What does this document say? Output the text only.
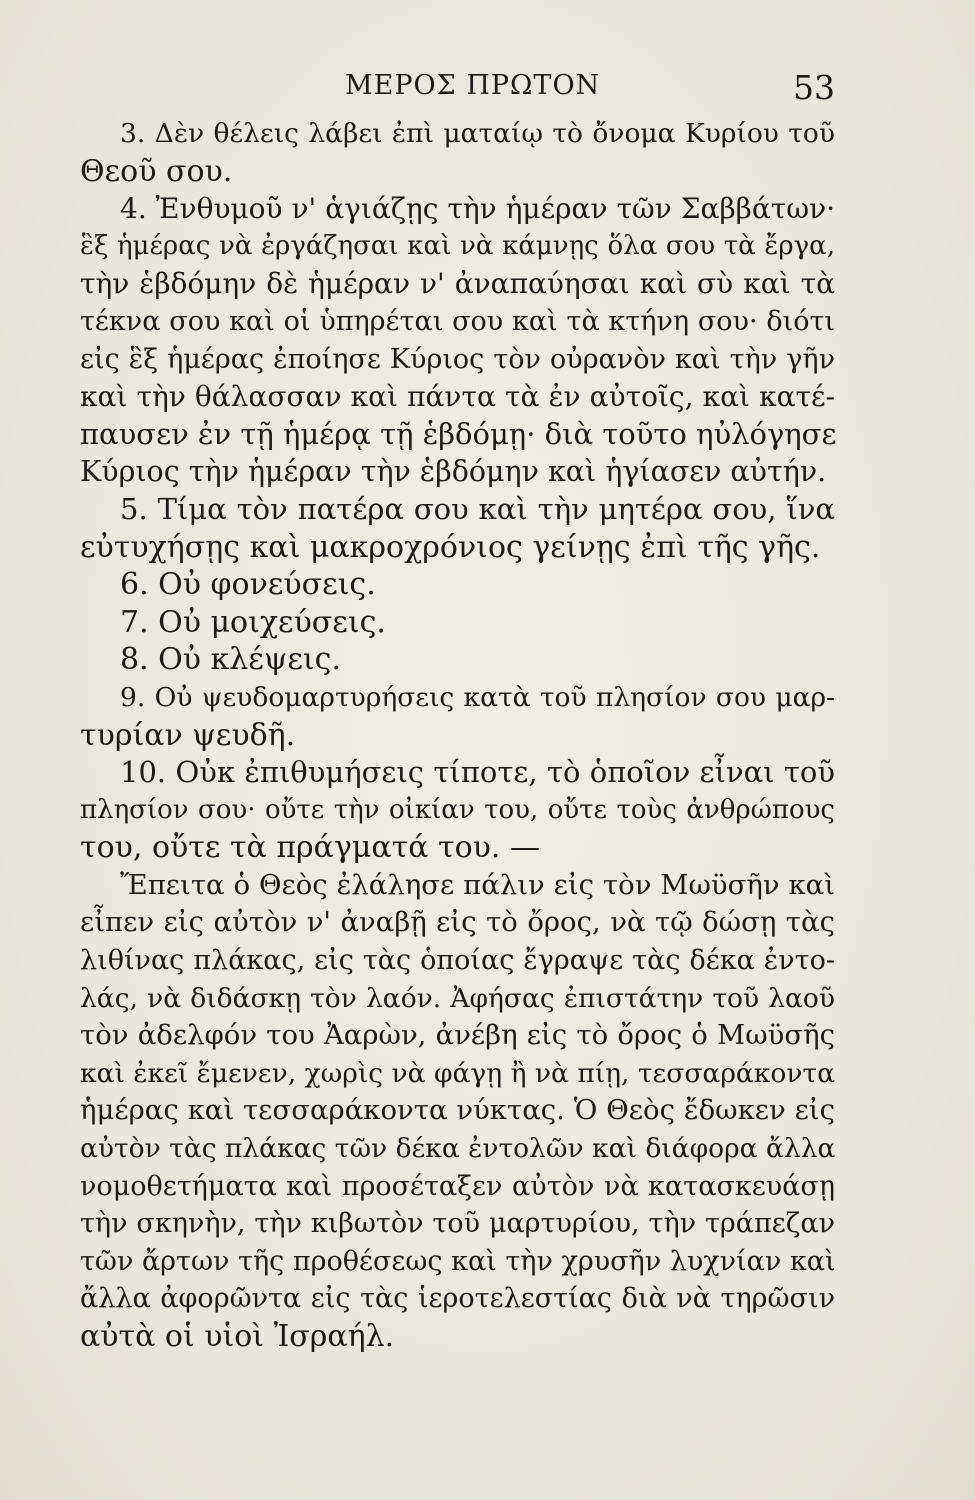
ΜΕΡΟΣ ΠΡΩΤΟΝ	53
3. Δὲν θέλεις λάβει ἐπὶ ματαίῳ τὸ ὄνομα Κυρίου τοῦ
Θεοῦ σου.
4. Ἐνθυμοῦ ν' ἁγιάζῃς τὴν ἡμέραν τῶν Σαββάτων·
ἓξ ἡμέρας νὰ ἐργάζησαι καὶ νὰ κάμνῃς ὅλα σου τὰ ἔργα,
τὴν ἑβδόμην δὲ ἡμέραν ν' ἀναπαύησαι καὶ σὺ καὶ τὰ
τέκνα σου καὶ οἱ ὑπηρέται σου καὶ τὰ κτήνη σου· διότι
εἰς ἓξ ἡμέρας ἐποίησε Κύριος τὸν οὐρανὸν καὶ τὴν γῆν
καὶ τὴν θάλασσαν καὶ πάντα τὰ ἐν αὐτοῖς, καὶ κατέ-
παυσεν ἐν τῇ ἡμέρᾳ τῇ ἑβδόμῃ· διὰ τοῦτο ηὐλόγησε
Κύριος τὴν ἡμέραν τὴν ἑβδόμην καὶ ἡγίασεν αὐτήν.
5. Τίμα τὸν πατέρα σου καὶ τὴν μητέρα σου, ἵνα
εὐτυχήσῃς καὶ μακροχρόνιος γείνῃς ἐπὶ τῆς γῆς.
6. Οὐ φονεύσεις.
7. Οὐ μοιχεύσεις.
8. Οὐ κλέψεις.
9. Οὐ ψευδομαρτυρήσεις κατὰ τοῦ πλησίον σου μαρ-
τυρίαν ψευδῆ.
10. Οὐκ ἐπιθυμήσεις τίποτε, τὸ ὁποῖον εἶναι τοῦ
πλησίον σου· οὔτε τὴν οἰκίαν του, οὔτε τοὺς ἀνθρώπους
του, οὔτε τὰ πράγματά του. —
Ἔπειτα ὁ Θεὸς ἐλάλησε πάλιν εἰς τὸν Μωϋσῆν καὶ
εἶπεν εἰς αὐτὸν ν' ἀναβῇ εἰς τὸ ὄρος, νὰ τῷ δώσῃ τὰς
λιθίνας πλάκας, εἰς τὰς ὁποίας ἔγραψε τὰς δέκα ἐντο-
λάς, νὰ διδάσκῃ τὸν λαόν. Ἀφήσας ἐπιστάτην τοῦ λαοῦ
τὸν ἀδελφόν του Ἀαρὼν, ἀνέβη εἰς τὸ ὄρος ὁ Μωϋσῆς
καὶ ἐκεῖ ἔμενεν, χωρὶς νὰ φάγῃ ἢ νὰ πίῃ, τεσσαράκοντα
ἡμέρας καὶ τεσσαράκοντα νύκτας. Ὁ Θεὸς ἔδωκεν εἰς
αὐτὸν τὰς πλάκας τῶν δέκα ἐντολῶν καὶ διάφορα ἄλλα
νομοθετήματα καὶ προσέταξεν αὐτὸν νὰ κατασκευάσῃ
τὴν σκηνὴν, τὴν κιβωτὸν τοῦ μαρτυρίου, τὴν τράπεζαν
τῶν ἄρτων τῆς προθέσεως καὶ τὴν χρυσῆν λυχνίαν καὶ
ἄλλα ἀφορῶντα εἰς τὰς ἱεροτελεστίας διὰ νὰ τηρῶσιν
αὐτὰ οἱ υἱοὶ Ἰσραήλ.
